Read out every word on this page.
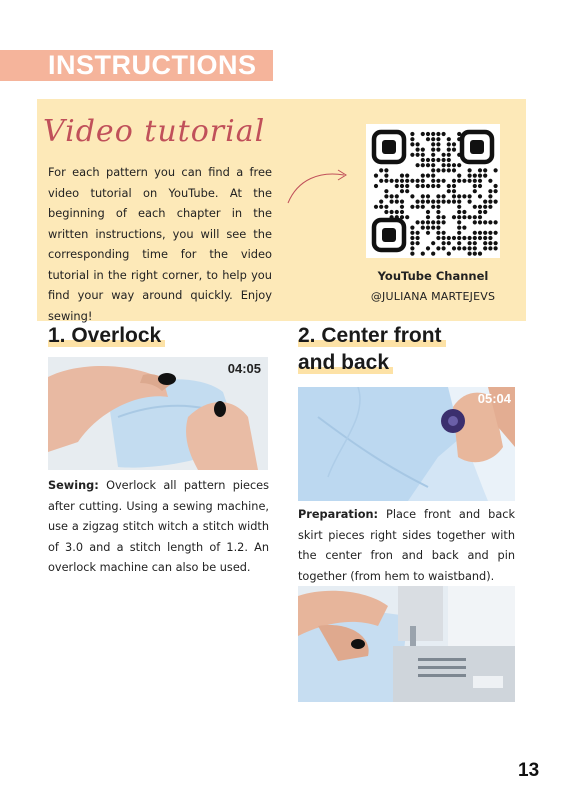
INSTRUCTIONS
Video tutorial
For each pattern you can find a free video tutorial on YouTube. At the beginning of each chapter in the written instructions, you will see the corresponding time for the video tutorial in the right corner, to help you find your way around quickly. Enjoy sewing!
YouTube Channel
@JULIANA MARTEJEVS
1. Overlock
04:05
Sewing: Overlock all pattern pieces after cutting. Using a sewing machine, use a zigzag stitch witch a stitch width of 3.0 and a stitch length of 1.2. An overlock machine can also be used.
2. Center front
and back
05:04
Preparation: Place front and back skirt pieces right sides together with the center fron and back and pin together (from hem to waistband).
13
